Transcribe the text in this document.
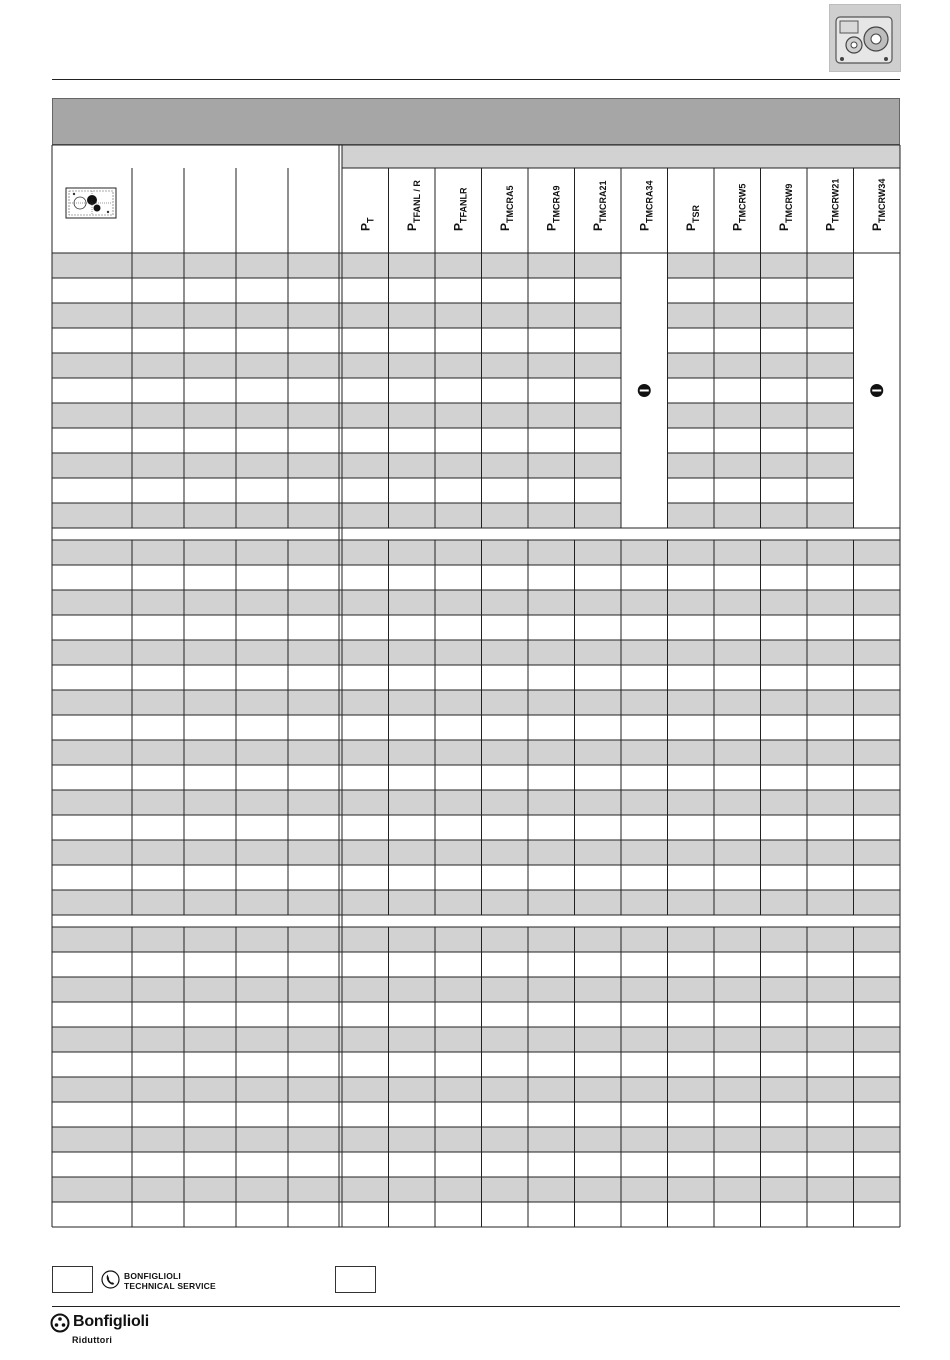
$P_T$
$P_{TFANL / R}$
$P_{TFANLR}$
$P_{TMCRA5}$
$P_{TMCRA9}$
$P_{TMCRA21}$
$P_{TMCRA34}$
$P_{TSR}$
$P_{TMCRW5}$
$P_{TMCRW9}$
$P_{TMCRW21}$
$P_{TMCRW34}$
BONFIGLIOLI
TECHNICAL SERVICE
Bonfiglioli
Riduttori
